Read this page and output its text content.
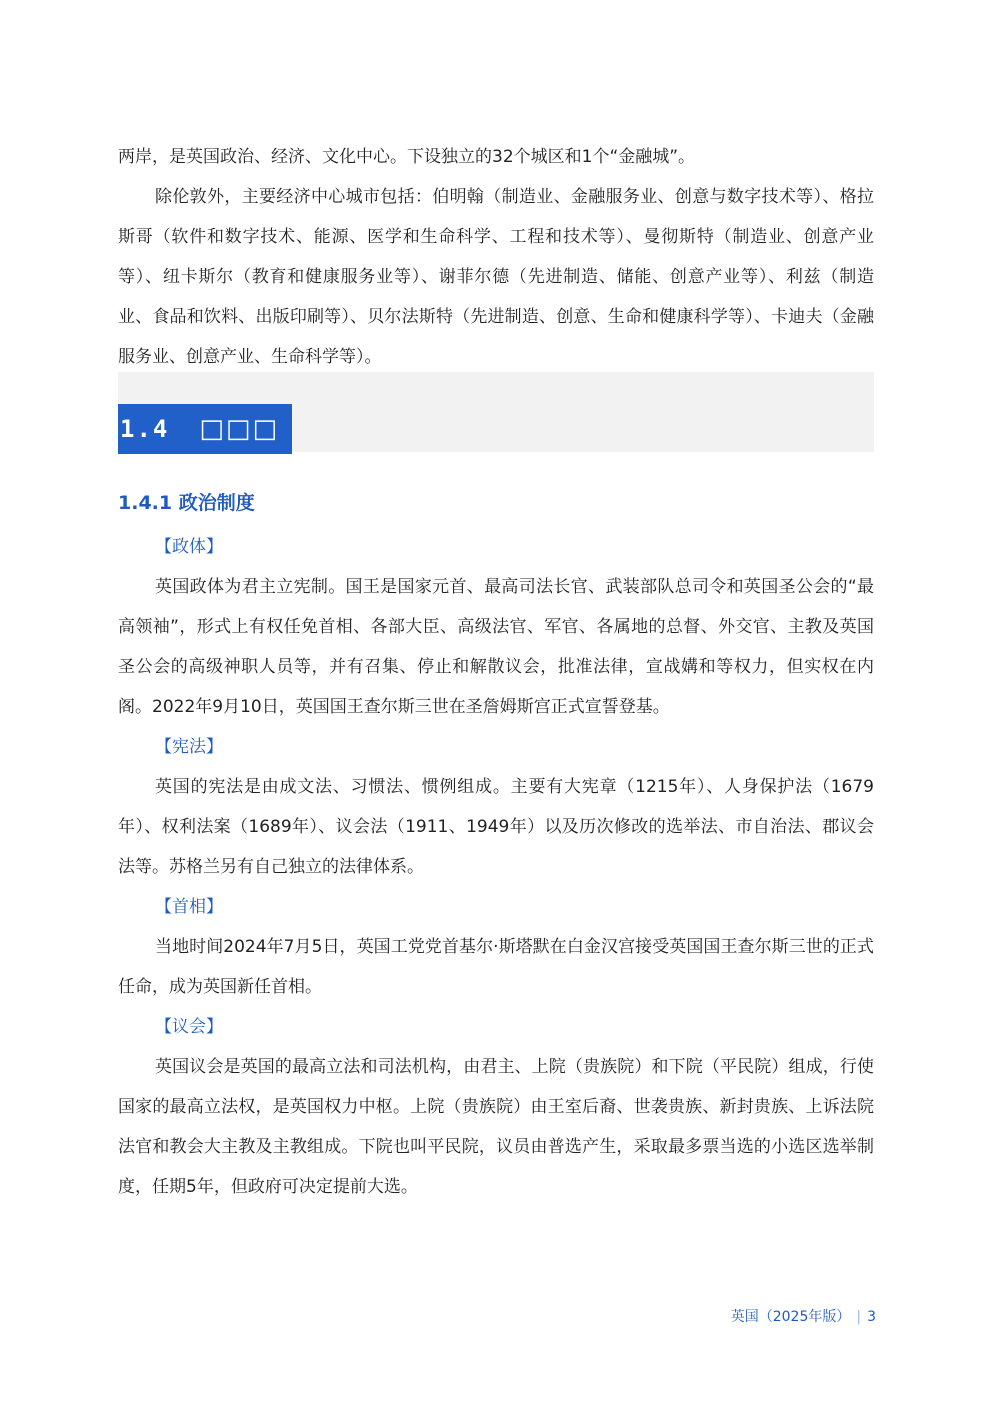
两岸，是英国政治、经济、文化中心。下设独立的32个城区和1个“金融城”。

除伦敦外，主要经济中心城市包括：伯明翰（制造业、金融服务业、创意与数字技术等）、格拉斯哥（软件和数字技术、能源、医学和生命科学、工程和技术等）、曼彻斯特（制造业、创意产业等）、纽卡斯尔（教育和健康服务业等）、谢菲尔德（先进制造、储能、创意产业等）、利兹（制造业、食品和饮料、出版印刷等）、贝尔法斯特（先进制造、创意、生命和健康科学等）、卡迪夫（金融服务业、创意产业、生命科学等）。

1.4 □□□
1.4.1 政治制度
【政体】

英国政体为君主立宪制。国王是国家元首、最高司法长官、武装部队总司令和英国圣公会的“最高领袖”，形式上有权任免首相、各部大臣、高级法官、军官、各属地的总督、外交官、主教及英国圣公会的高级神职人员等，并有召集、停止和解散议会，批准法律，宣战媾和等权力，但实权在内阁。2022年9月10日，英国国王查尔斯三世在圣詹姆斯宫正式宣誓登基。

【宪法】

英国的宪法是由成文法、习惯法、惯例组成。主要有大宪章（1215年）、人身保护法（1679年）、权利法案（1689年）、议会法（1911、1949年）以及历次修改的选举法、市自治法、郡议会法等。苏格兰另有自己独立的法律体系。

【首相】

当地时间2024年7月5日，英国工党党首基尔·斯塔默在白金汉宫接受英国国王查尔斯三世的正式任命，成为英国新任首相。

【议会】

英国议会是英国的最高立法和司法机构，由君主、上院（贵族院）和下院（平民院）组成，行使国家的最高立法权，是英国权力中枢。上院（贵族院）由王室后裔、世袭贵族、新封贵族、上诉法院法官和教会大主教及主教组成。下院也叫平民院，议员由普选产生，采取最多票当选的小选区选举制度，任期5年，但政府可决定提前大选。

英国（2025年版） | 3
